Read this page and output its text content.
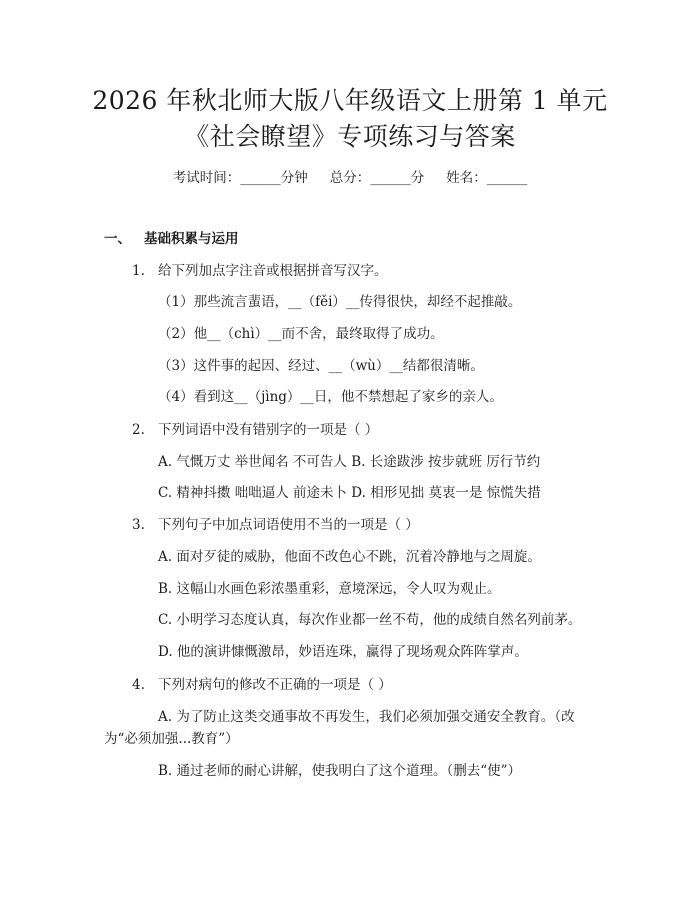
2026 年秋北师大版八年级语文上册第 1 单元
《社会瞭望》专项练习与答案
考试时间：______分钟 总分：______分 姓名：______
一、 基础积累与运用
1. 给下列加点字注音或根据拼音写汉字。
（1）那些流言蜚语，__（fěi）__传得很快，却经不起推敲。
（2）他__（chì）__而不舍，最终取得了成功。
（3）这件事的起因、经过、__（wù）__结都很清晰。
（4）看到这__（jìng）__日，他不禁想起了家乡的亲人。
2. 下列词语中没有错别字的一项是（ ）
A. 气慨万丈 举世闻名 不可告人 B. 长途跋涉 按步就班 厉行节约
C. 精神抖擞 咄咄逼人 前途未卜 D. 相形见拙 莫衷一是 惊慌失措
3. 下列句子中加点词语使用不当的一项是（ ）
A. 面对歹徒的威胁，他面不改色心不跳，沉着冷静地与之周旋。
B. 这幅山水画色彩浓墨重彩，意境深远，令人叹为观止。
C. 小明学习态度认真，每次作业都一丝不苟，他的成绩自然名列前茅。
D. 他的演讲慷慨激昂，妙语连珠，赢得了现场观众阵阵掌声。
4. 下列对病句的修改不正确的一项是（ ）
A. 为了防止这类交通事故不再发生，我们必须加强交通安全教育。（改
为“必须加强...教育”）
B. 通过老师的耐心讲解，使我明白了这个道理。（删去“使”）
